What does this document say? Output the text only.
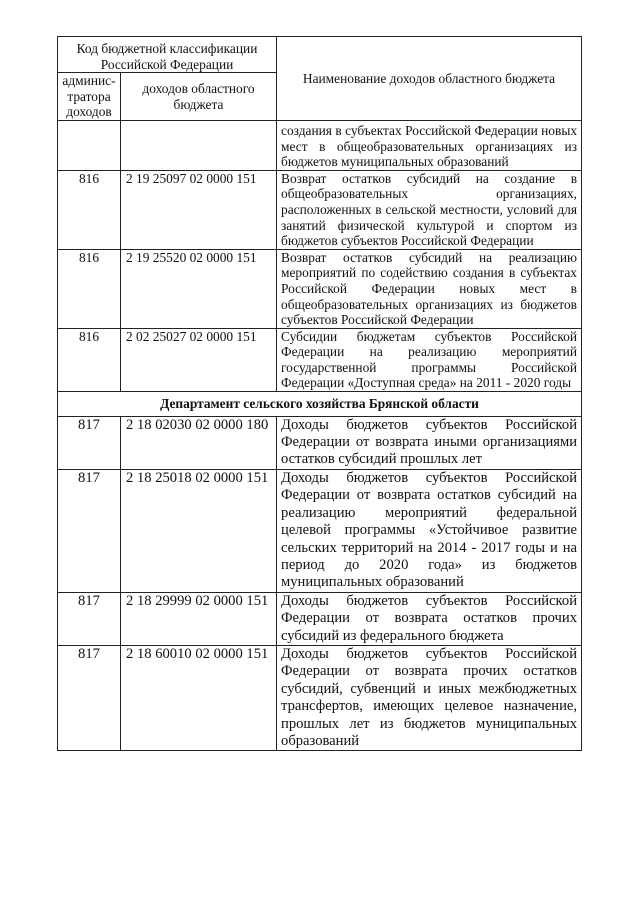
Код бюджетной классификации Российской Федерации		Наименование доходов областного бюджета
админис-тратора доходов	доходов областного бюджета	
		создания в субъектах Российской Федерации новых мест в общеобразовательных организациях из бюджетов муниципальных образований
816	2 19 25097 02 0000 151	Возврат остатков субсидий на создание в общеобразовательных организациях, расположенных в сельской местности, условий для занятий физической культурой и спортом из бюджетов субъектов Российской Федерации
816	2 19 25520 02 0000 151	Возврат остатков субсидий на реализацию мероприятий по содействию создания в субъектах Российской Федерации новых мест в общеобразовательных организациях из бюджетов субъектов Российской Федерации
816	2 02 25027 02 0000 151	Субсидии бюджетам субъектов Российской Федерации на реализацию мероприятий государственной программы Российской Федерации «Доступная среда» на 2011 - 2020 годы
Департамент сельского хозяйства Брянской области		
817	2 18 02030 02 0000 180	Доходы бюджетов субъектов Российской Федерации от возврата иными организациями остатков субсидий прошлых лет
817	2 18 25018 02 0000 151	Доходы бюджетов субъектов Российской Федерации от возврата остатков субсидий на реализацию мероприятий федеральной целевой программы «Устойчивое развитие сельских территорий на 2014 - 2017 годы и на период до 2020 года» из бюджетов муниципальных образований
817	2 18 29999 02 0000 151	Доходы бюджетов субъектов Российской Федерации от возврата остатков прочих субсидий из федерального бюджета
817	2 18 60010 02 0000 151	Доходы бюджетов субъектов Российской Федерации от возврата прочих остатков субсидий, субвенций и иных межбюджетных трансфертов, имеющих целевое назначение, прошлых лет из бюджетов муниципальных образований
